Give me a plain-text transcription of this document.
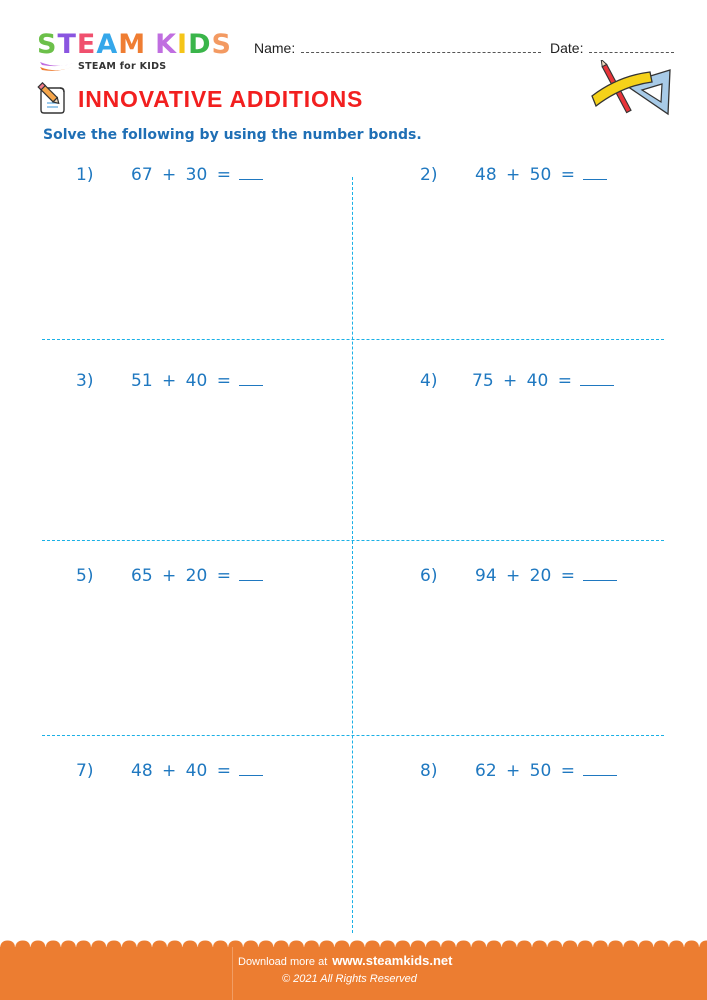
STEAM KIDS
STEAM for KIDS
Name:	Date:
INNOVATIVE ADDITIONS
Solve the following by using the number bonds.
1)	67 + 30 =	2)	48 + 50 =
3)	51 + 40 =	4)	75 + 40 =
5)	65 + 20 =	6)	94 + 20 =
7)	48 + 40 =	8)	62 + 50 =
Download more at www.steamkids.net
© 2021 All Rights Reserved
